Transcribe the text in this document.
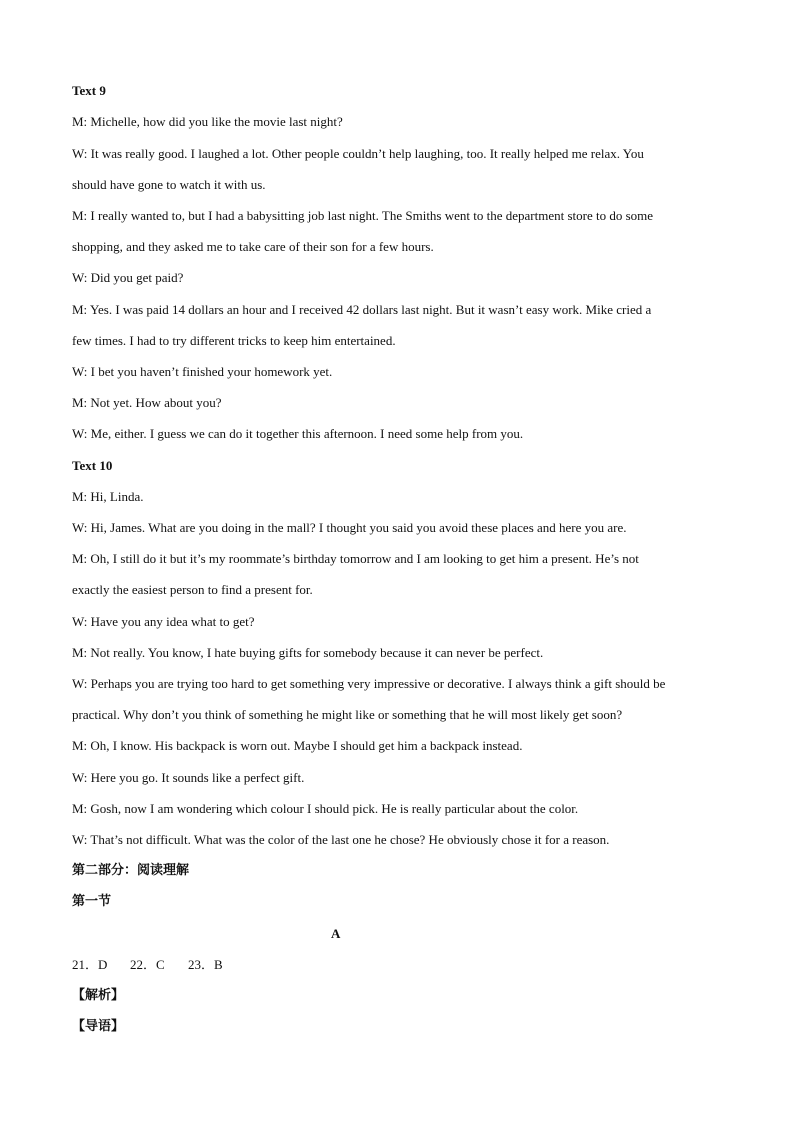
Text 9
M: Michelle, how did you like the movie last night?
W: It was really good. I laughed a lot. Other people couldn’t help laughing, too. It really helped me relax. You
should have gone to watch it with us.
M: I really wanted to, but I had a babysitting job last night. The Smiths went to the department store to do some
shopping, and they asked me to take care of their son for a few hours.
W: Did you get paid?
M: Yes. I was paid 14 dollars an hour and I received 42 dollars last night. But it wasn’t easy work. Mike cried a
few times. I had to try different tricks to keep him entertained.
W: I bet you haven’t finished your homework yet.
M: Not yet. How about you?
W: Me, either. I guess we can do it together this afternoon. I need some help from you.
Text 10
M: Hi, Linda.
W: Hi, James. What are you doing in the mall? I thought you said you avoid these places and here you are.
M: Oh, I still do it but it’s my roommate’s birthday tomorrow and I am looking to get him a present. He’s not
exactly the easiest person to find a present for.
W: Have you any idea what to get?
M: Not really. You know, I hate buying gifts for somebody because it can never be perfect.
W: Perhaps you are trying too hard to get something very impressive or decorative. I always think a gift should be
practical. Why don’t you think of something he might like or something that he will most likely get soon?
M: Oh, I know. His backpack is worn out. Maybe I should get him a backpack instead.
W: Here you go. It sounds like a perfect gift.
M: Gosh, now I am wondering which colour I should pick. He is really particular about the color.
W: That’s not difficult. What was the color of the last one he chose? He obviously chose it for a reason.
第二部分：阅读理解
第一节
A
21．D 22．C 23．B
【解析】
【导语】
